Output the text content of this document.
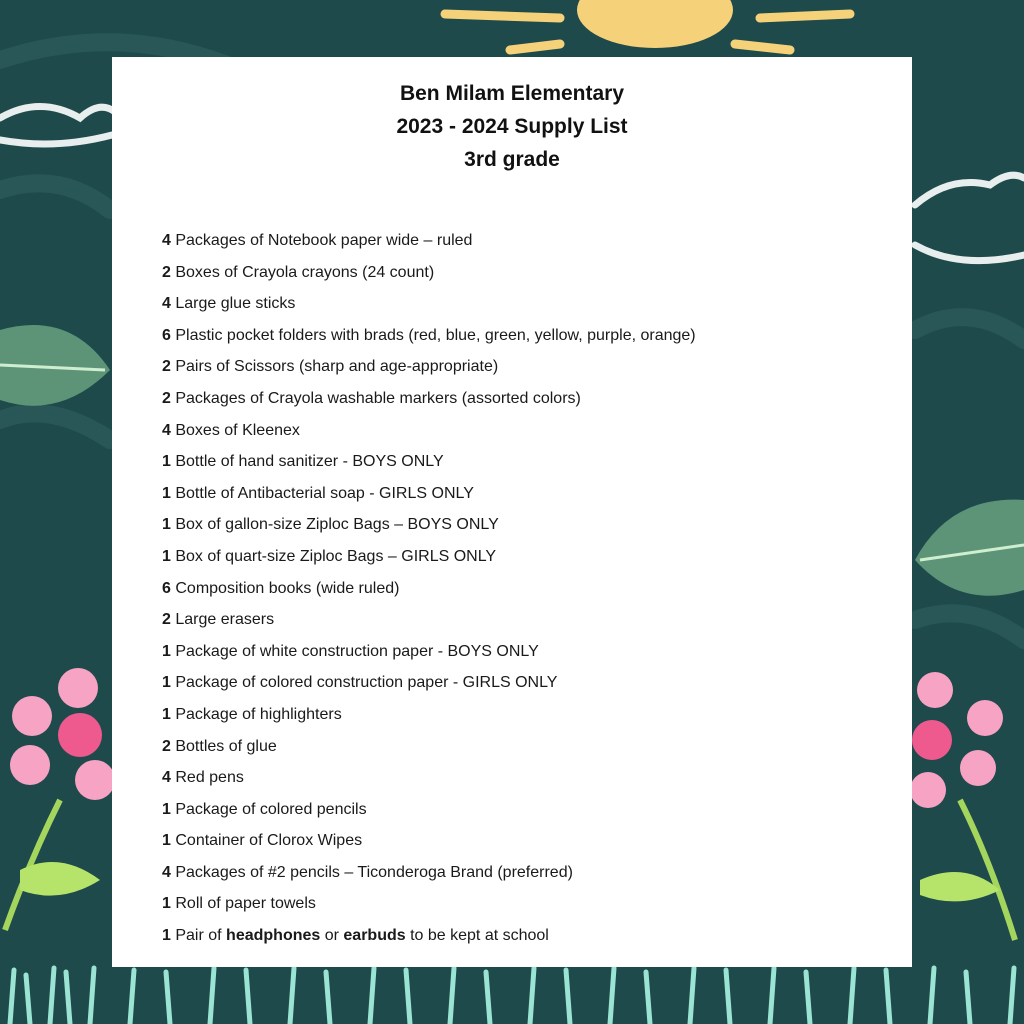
Ben Milam Elementary
2023 - 2024 Supply List
3rd grade
4 Packages of Notebook paper wide – ruled
2 Boxes of Crayola crayons (24 count)
4 Large glue sticks
6 Plastic pocket folders with brads (red, blue, green, yellow, purple, orange)
2 Pairs of Scissors (sharp and age-appropriate)
2 Packages of Crayola washable markers (assorted colors)
4 Boxes of Kleenex
1 Bottle of hand sanitizer - BOYS ONLY
1 Bottle of Antibacterial soap - GIRLS ONLY
1 Box of gallon-size Ziploc Bags – BOYS ONLY
1 Box of quart-size Ziploc Bags – GIRLS ONLY
6 Composition books (wide ruled)
2 Large erasers
1 Package of white construction paper - BOYS ONLY
1 Package of colored construction paper - GIRLS ONLY
1 Package of highlighters
2 Bottles of glue
4 Red pens
1 Package of colored pencils
1 Container of Clorox Wipes
4 Packages of #2 pencils – Ticonderoga Brand (preferred)
1 Roll of paper towels
1 Pair of headphones or earbuds to be kept at school
